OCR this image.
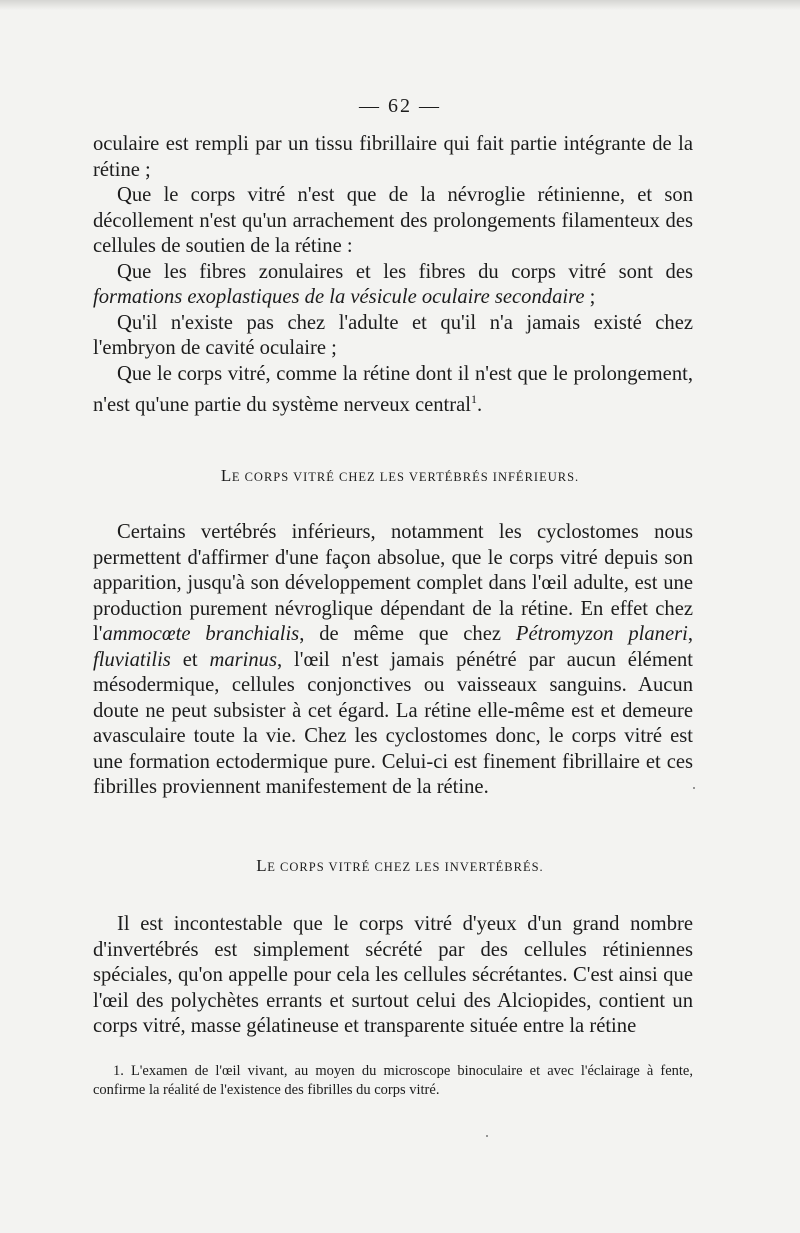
— 62 —

oculaire est rempli par un tissu fibrillaire qui fait partie intégrante de la rétine ;

Que le corps vitré n'est que de la névroglie rétinienne, et son décollement n'est qu'un arrachement des prolongements filamenteux des cellules de soutien de la rétine :

Que les fibres zonulaires et les fibres du corps vitré sont des formations exoplastiques de la vésicule oculaire secondaire ;

Qu'il n'existe pas chez l'adulte et qu'il n'a jamais existé chez l'embryon de cavité oculaire ;

Que le corps vitré, comme la rétine dont il n'est que le prolongement, n'est qu'une partie du système nerveux central$^1$.

LE CORPS VITRÉ CHEZ LES VERTÉBRÉS INFÉRIEURS.

Certains vertébrés inférieurs, notamment les cyclostomes nous permettent d'affirmer d'une façon absolue, que le corps vitré depuis son apparition, jusqu'à son développement complet dans l'œil adulte, est une production purement névroglique dépendant de la rétine. En effet chez l'ammocœte branchialis, de même que chez Pétromyzon planeri, fluviatilis et marinus, l'œil n'est jamais pénétré par aucun élément mésodermique, cellules conjonctives ou vaisseaux sanguins. Aucun doute ne peut subsister à cet égard. La rétine elle-même est et demeure avasculaire toute la vie. Chez les cyclostomes donc, le corps vitré est une formation ectodermique pure. Celui-ci est finement fibrillaire et ces fibrilles proviennent manifestement de la rétine.

LE CORPS VITRÉ CHEZ LES INVERTÉBRÉS.

Il est incontestable que le corps vitré d'yeux d'un grand nombre d'invertébrés est simplement sécrété par des cellules rétiniennes spéciales, qu'on appelle pour cela les cellules sécrétantes. C'est ainsi que l'œil des polychètes errants et surtout celui des Alciopides, contient un corps vitré, masse gélatineuse et transparente située entre la rétine

1. L'examen de l'œil vivant, au moyen du microscope binoculaire et avec l'éclairage à fente, confirme la réalité de l'existence des fibrilles du corps vitré.
